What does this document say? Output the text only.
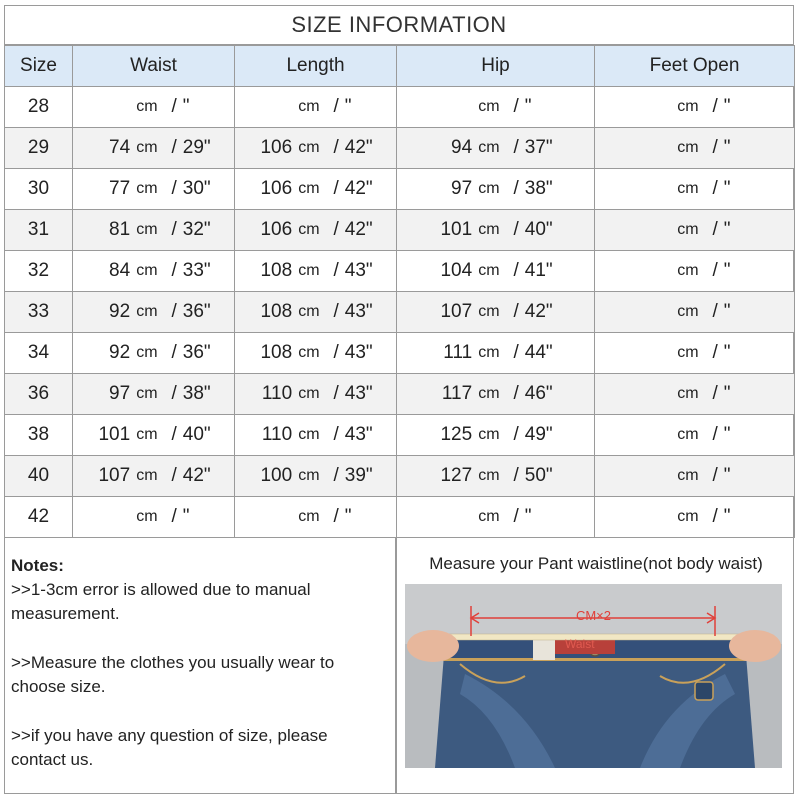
SIZE INFORMATION
Size	Waist	Length	Hip	Feet Open
28	cm / "	cm / "	cm / "	cm / "

29	74 cm / 29"	106 cm / 42"	94 cm / 37"	cm / "

30	77 cm / 30"	106 cm / 42"	97 cm / 38"	cm / "

31	81 cm / 32"	106 cm / 42"	101 cm / 40"	cm / "

32	84 cm / 33"	108 cm / 43"	104 cm / 41"	cm / "

33	92 cm / 36"	108 cm / 43"	107 cm / 42"	cm / "

34	92 cm / 36"	108 cm / 43"	111 cm / 44"	cm / "

36	97 cm / 38"	110 cm / 43"	117 cm / 46"	cm / "

38	101 cm / 40"	110 cm / 43"	125 cm / 49"	cm / "

40	107 cm / 42"	100 cm / 39"	127 cm / 50"	cm / "

42	cm / "	cm / "	cm / "	cm / "
Notes:
>>1-3cm error is allowed due to manual measurement.
>>Measure the clothes you usually wear to choose size.
>>if you have any question of size, please contact us.
Measure your Pant waistline(not body waist)
CM×2
Waist
